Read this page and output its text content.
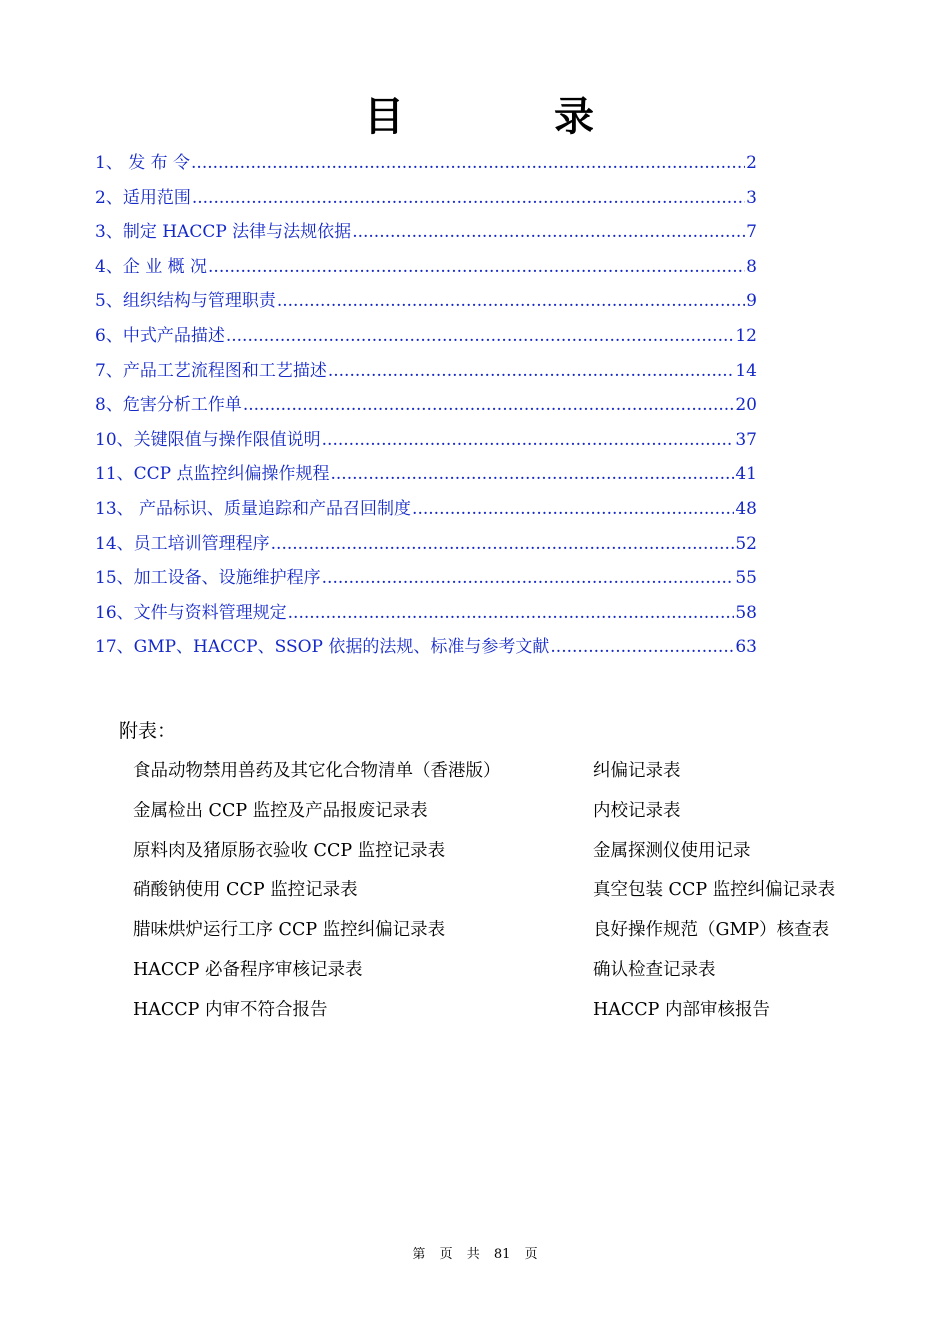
目	录
1、 发 布 令 .....	2
2、适用范围 .....	3
3、制定 HACCP 法律与法规依据 .....	7
4、企 业 概 况 .....	8
5、组织结构与管理职责 .....	9
6、中式产品描述 .....	12
7、产品工艺流程图和工艺描述 .....	14
8、危害分析工作单 .....	20
10、关键限值与操作限值说明 .....	37
11、CCP 点监控纠偏操作规程 .....	41
13、 产品标识、质量追踪和产品召回制度 .....	48
14、员工培训管理程序 .....	52
15、加工设备、设施维护程序 .....	55
16、文件与资料管理规定 .....	58
17、GMP、HACCP、SSOP 依据的法规、标准与参考文献 .....	63
附表：
食品动物禁用兽药及其它化合物清单（香港版）	纠偏记录表
金属检出 CCP 监控及产品报废记录表	内校记录表
原料肉及猪原肠衣验收 CCP 监控记录表	金属探测仪使用记录
硝酸钠使用 CCP 监控记录表	真空包装 CCP 监控纠偏记录表
腊味烘炉运行工序 CCP 监控纠偏记录表	良好操作规范（GMP）核查表
HACCP 必备程序审核记录表	确认检查记录表
HACCP 内审不符合报告	HACCP 内部审核报告
第 页 共 81 页
